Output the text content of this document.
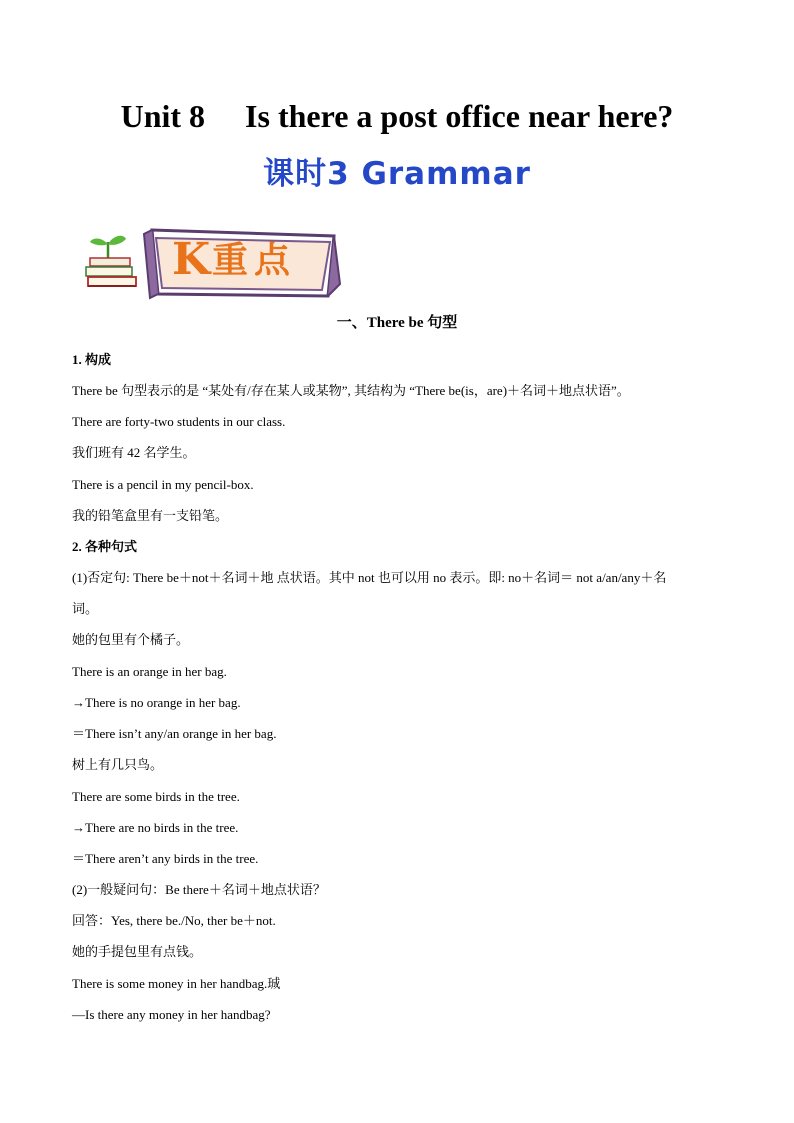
Unit 8　 Is there a post office near here?
课时3 Grammar
K 重点
一、There be 句型

1. 构成

There be 句型表示的是 “某处有/存在某人或某物”, 其结构为 “There be(is，are)＋名词＋地点状语”。

There are forty-two students in our class.

我们班有 42 名学生。

There is a pencil in my pencil-box.

我的铅笔盒里有一支铅笔。

2. 各种句式

(1)否定句: There be＋not＋名词＋地 点状语。其中 not 也可以用 no 表示。即: no＋名词＝ not a/an/any＋名

词。

她的包里有个橘子。

There is an orange in her bag.

→There is no orange in her bag.

＝There isn’t any/an orange in her bag.

树上有几只鸟。

There are some birds in the tree.

→There are no birds in the tree.

＝There aren’t any birds in the tree.

(2)一般疑问句：Be there＋名词＋地点状语？

回答：Yes, there be./No, ther be＋not.

她的手提包里有点钱。

There is some money in her handbag.珹

—Is there any money in her handbag?
